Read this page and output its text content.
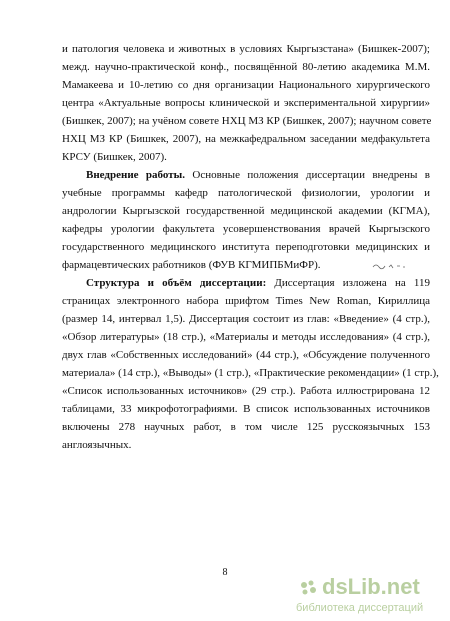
и патология человека и животных в условиях Кыргызстана» (Бишкек-2007);
межд. научно-практической конф., посвящённой 80-летию академика М.М.
Мамакеева и 10-летию со дня организации Национального хирургического
центра «Актуальные вопросы клинической и экспериментальной хирургии»
(Бишкек, 2007); на учёном совете НХЦ МЗ КР (Бишкек, 2007); научном совете
НХЦ МЗ КР (Бишкек, 2007), на межкафедральном заседании медфакультета
КРСУ (Бишкек, 2007).
Внедрение работы. Основные положения диссертации внедрены в
учебные программы кафедр патологической физиологии, урологии и
андрологии Кыргызской государственной медицинской академии (КГМА),
кафедры урологии факультета усовершенствования врачей Кыргызского
государственного медицинского института переподготовки медицинских и
фармацевтических работников (ФУВ КГМИПБМиФР).
Структура и объём диссертации: Диссертация изложена на 119
страницах электронного набора шрифтом Times New Roman, Кириллица
(размер 14, интервал 1,5). Диссертация состоит из глав: «Введение» (4 стр.),
«Обзор литературы» (18 стр.), «Материалы и методы исследования» (4 стр.),
двух глав «Собственных исследований» (44 стр.), «Обсуждение полученного
материала» (14 стр.), «Выводы» (1 стр.), «Практические рекомендации» (1 стр.),
«Список использованных источников» (29 стр.). Работа иллюстрирована 12
таблицами, 33 микрофотографиями. В список использованных источников
включены 278 научных работ, в том числе 125 русскоязычных 153
англоязычных.
8
dsLib.net
библиотека диссертаций
